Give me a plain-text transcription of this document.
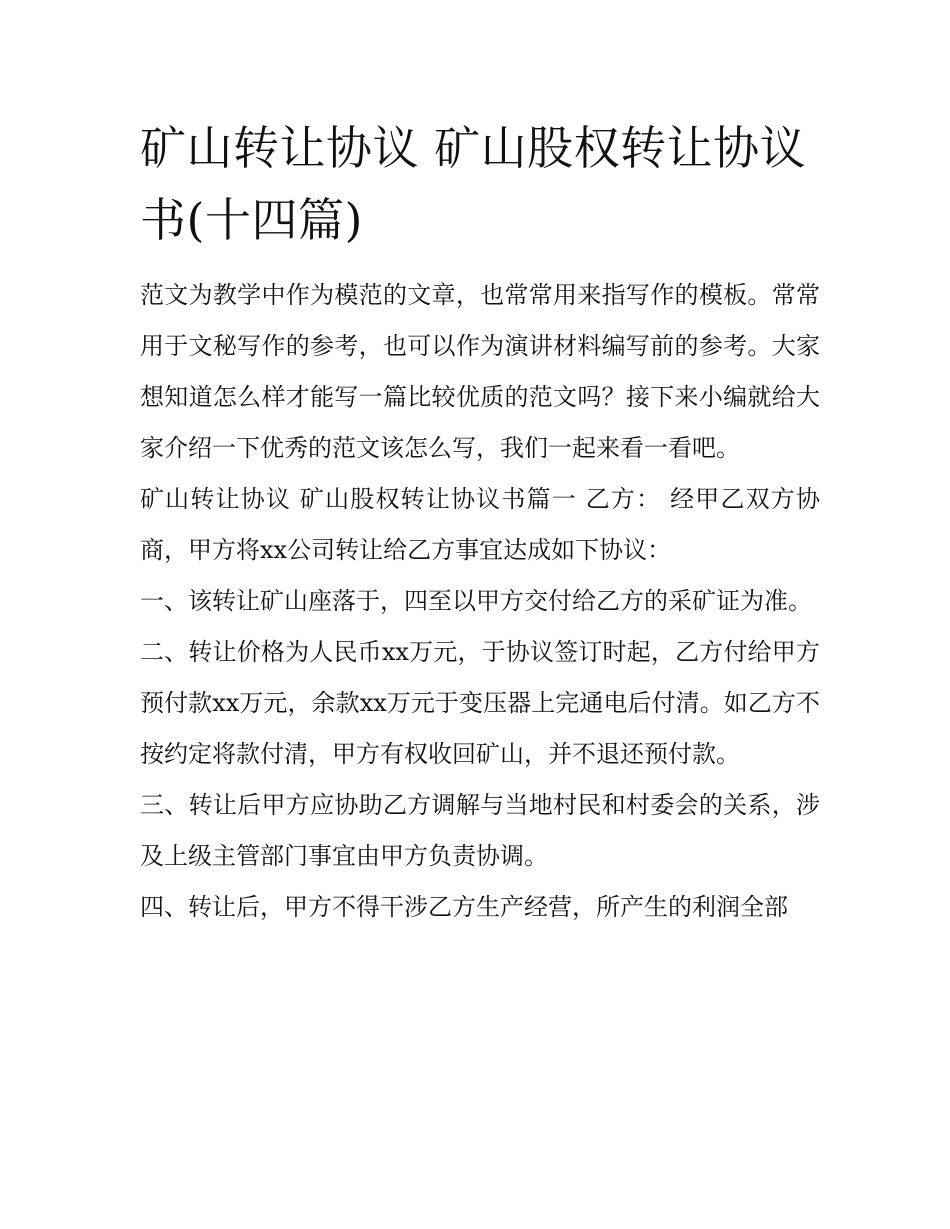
矿山转让协议 矿山股权转让协议书(十四篇)

范文为教学中作为模范的文章，也常常用来指写作的模板。常常用于文秘写作的参考，也可以作为演讲材料编写前的参考。大家想知道怎么样才能写一篇比较优质的范文吗？接下来小编就给大家介绍一下优秀的范文该怎么写，我们一起来看一看吧。

矿山转让协议 矿山股权转让协议书篇一 乙方： 经甲乙双方协商，甲方将xx公司转让给乙方事宜达成如下协议：

一、该转让矿山座落于，四至以甲方交付给乙方的采矿证为准。

二、转让价格为人民币xx万元，于协议签订时起，乙方付给甲方预付款xx万元，余款xx万元于变压器上完通电后付清。如乙方不按约定将款付清，甲方有权收回矿山，并不退还预付款。

三、转让后甲方应协助乙方调解与当地村民和村委会的关系，涉及上级主管部门事宜由甲方负责协调。

四、转让后，甲方不得干涉乙方生产经营，所产生的利润全部
